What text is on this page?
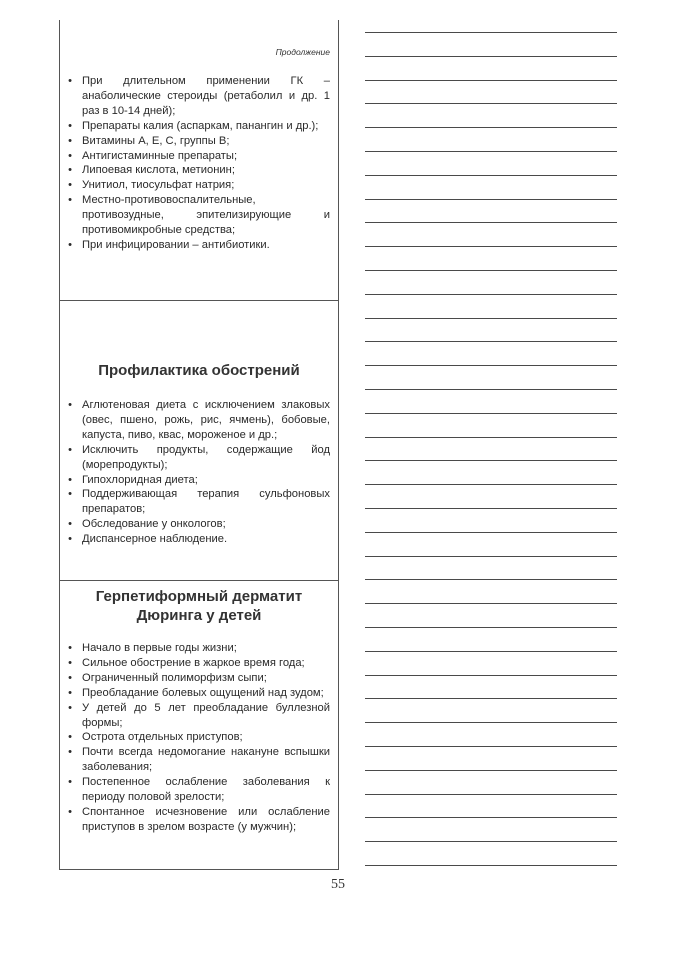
Продолжение
• При длительном применении ГК – анаболические стероиды (ретаболил и др. 1 раз в 10-14 дней);
• Препараты калия (аспаркам, панангин и др.);
• Витамины А, Е, С, группы В;
• Антигистаминные препараты;
• Липоевая кислота, метионин;
• Унитиол, тиосульфат натрия;
• Местно-противовоспалительные, противозудные, эпителизирующие и противомикробные средства;
• При инфицировании – антибиотики.
Профилактика обострений
• Аглютеновая диета с исключением злаковых (овес, пшено, рожь, рис, ячмень), бобовые, капуста, пиво, квас, мороженое и др.;
• Исключить продукты, содержащие йод (морепродукты);
• Гипохлоридная диета;
• Поддерживающая терапия сульфоновых препаратов;
• Обследование у онкологов;
• Диспансерное наблюдение.
Герпетиформный дерматит
Дюринга у детей
• Начало в первые годы жизни;
• Сильное обострение в жаркое время года;
• Ограниченный полиморфизм сыпи;
• Преобладание болевых ощущений над зудом;
• У детей до 5 лет преобладание буллезной формы;
• Острота отдельных приступов;
• Почти всегда недомогание накануне вспышки заболевания;
• Постепенное ослабление заболевания к периоду половой зрелости;
• Спонтанное исчезновение или ослабление приступов в зрелом возрасте (у мужчин);
55
